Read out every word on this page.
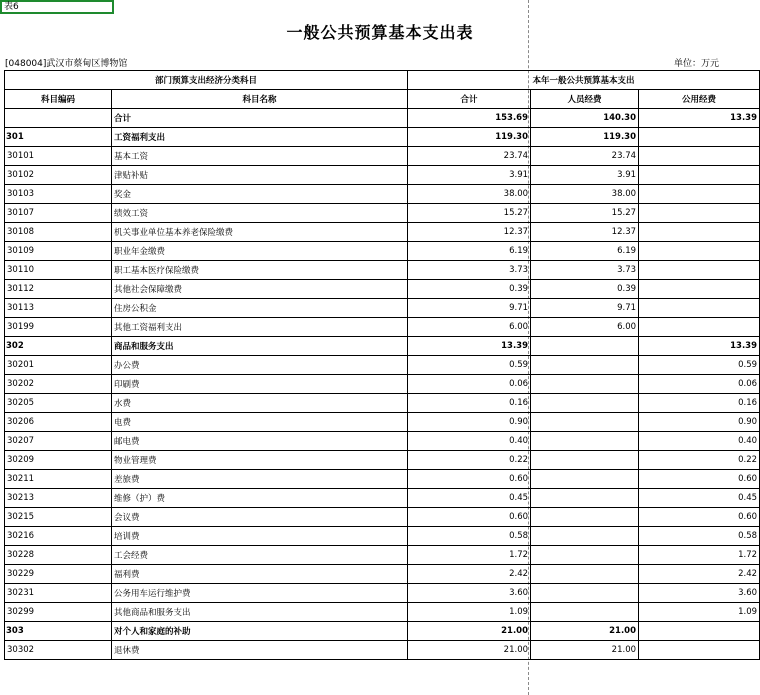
表6
一般公共预算基本支出表
[048004]武汉市蔡甸区博物馆	单位：万元
部门预算支出经济分类科目		本年一般公共预算基本支出		
科目编码	科目名称	合计	人员经费	公用经费
	合计	153.69	140.30	13.39
301	工资福利支出	119.30	119.30	
30101	基本工资	23.74	23.74	
30102	津贴补贴	3.91	3.91	
30103	奖金	38.00	38.00	
30107	绩效工资	15.27	15.27	
30108	机关事业单位基本养老保险缴费	12.37	12.37	
30109	职业年金缴费	6.19	6.19	
30110	职工基本医疗保险缴费	3.73	3.73	
30112	其他社会保障缴费	0.39	0.39	
30113	住房公积金	9.71	9.71	
30199	其他工资福利支出	6.00	6.00	
302	商品和服务支出	13.39		13.39
30201	办公费	0.59		0.59
30202	印刷费	0.06		0.06
30205	水费	0.16		0.16
30206	电费	0.90		0.90
30207	邮电费	0.40		0.40
30209	物业管理费	0.22		0.22
30211	差旅费	0.60		0.60
30213	维修（护）费	0.45		0.45
30215	会议费	0.60		0.60
30216	培训费	0.58		0.58
30228	工会经费	1.72		1.72
30229	福利费	2.42		2.42
30231	公务用车运行维护费	3.60		3.60
30299	其他商品和服务支出	1.09		1.09
303	对个人和家庭的补助	21.00	21.00	
30302	退休费	21.00	21.00	
